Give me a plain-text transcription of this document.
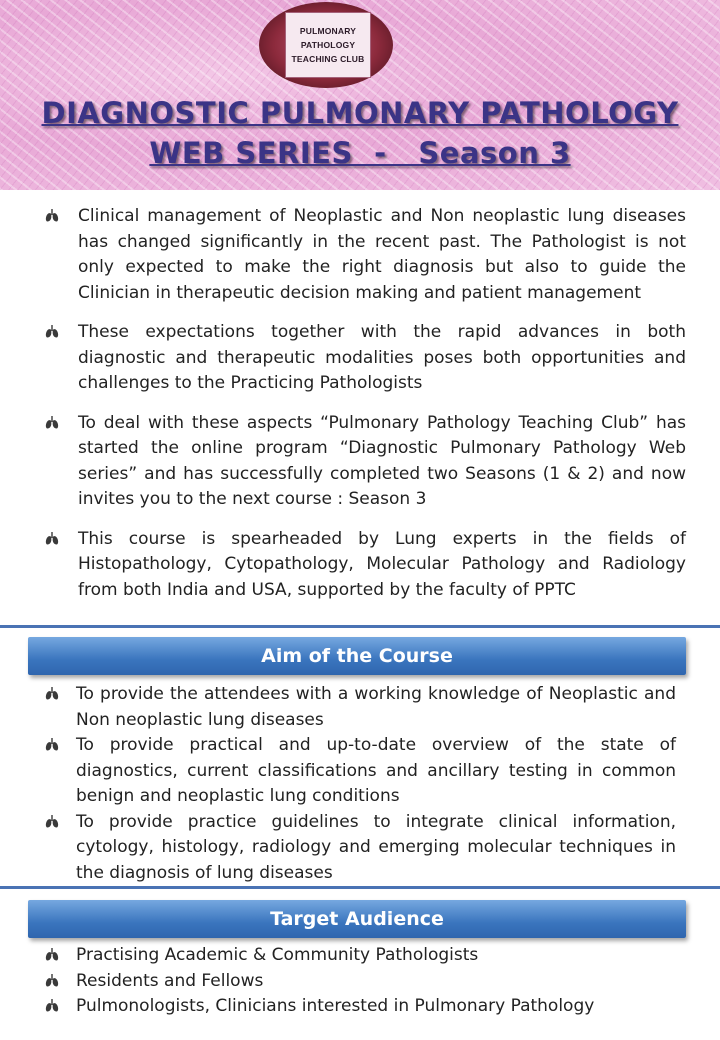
PULMONARY
PATHOLOGY
TEACHING CLUB
DIAGNOSTIC PULMONARY PATHOLOGY
WEB SERIES  -   Season 3
Clinical management of Neoplastic and Non neoplastic lung diseases has changed significantly in the recent past. The Pathologist is not only expected to make the right diagnosis but also to guide the Clinician in therapeutic decision making and patient management
These expectations together with the rapid advances in both diagnostic and therapeutic modalities poses both opportunities and challenges to the Practicing Pathologists
To deal with these aspects “Pulmonary Pathology Teaching Club” has started the online program “Diagnostic Pulmonary Pathology Web series” and has successfully completed two Seasons (1 & 2) and now invites you to the next course : Season 3
This course is spearheaded by Lung experts in the fields of Histopathology, Cytopathology, Molecular Pathology and Radiology from both India and USA, supported by the faculty of PPTC
Aim of the Course
To provide the attendees with a working knowledge of Neoplastic and Non neoplastic lung diseases
To provide practical and up-to-date overview of the state of diagnostics, current classifications and ancillary testing in common benign and neoplastic lung conditions
To provide practice guidelines to integrate clinical information, cytology, histology, radiology and emerging molecular techniques in the diagnosis of lung diseases
Target Audience
Practising Academic & Community Pathologists
Residents and Fellows
Pulmonologists, Clinicians interested in Pulmonary Pathology
